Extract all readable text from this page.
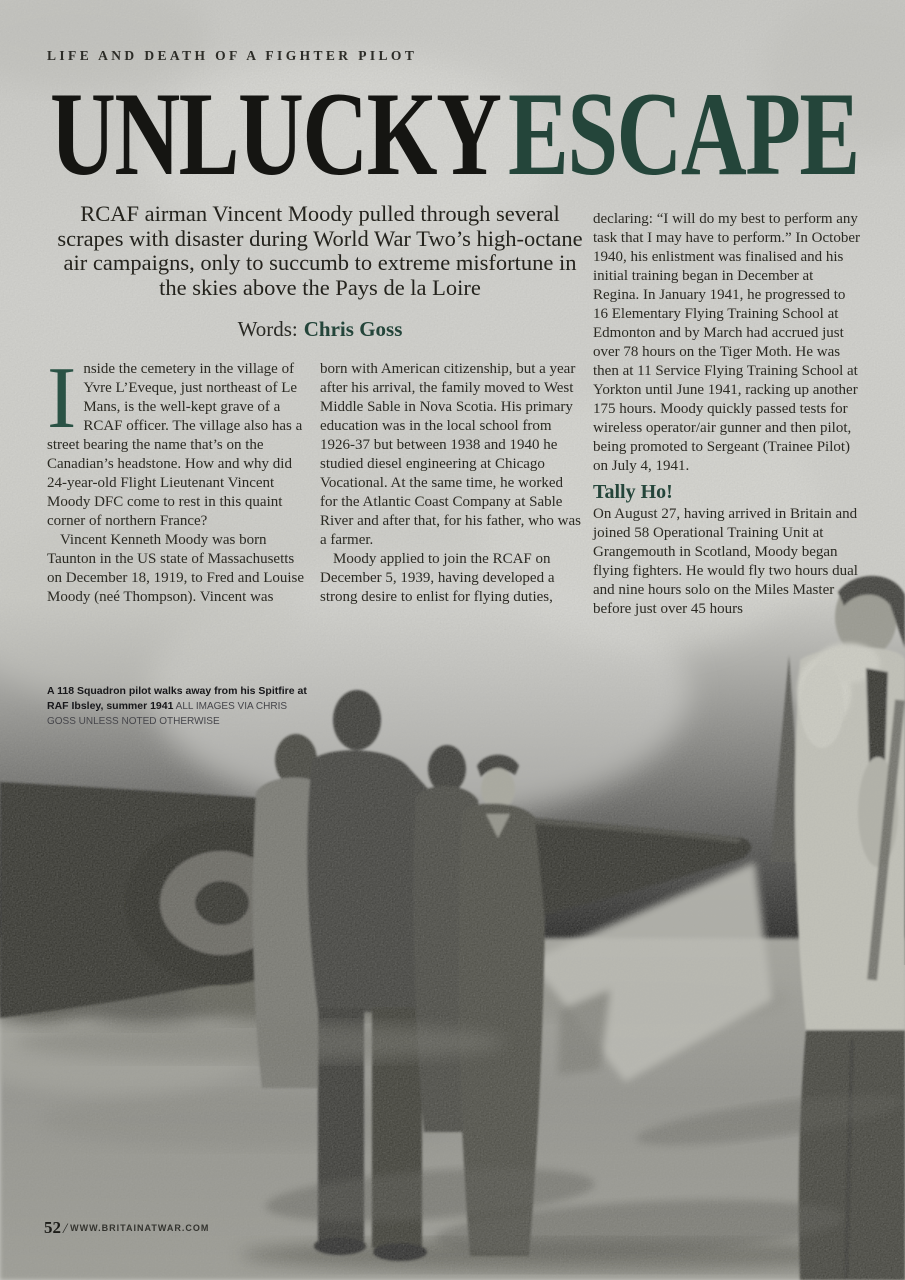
LIFE AND DEATH OF A FIGHTER PILOT
UNLUCKYESCAPE
RCAF airman Vincent Moody pulled through several scrapes with disaster during World War Two’s high-octane air campaigns, only to succumb to extreme misfortune in the skies above the Pays de la Loire
Words: Chris Goss

Inside the cemetery in the village of Yvre L’Eveque, just northeast of Le Mans, is the well-kept grave of a RCAF officer. The village also has a street bearing the name that’s on the Canadian’s headstone. How and why did 24-year-old Flight Lieutenant Vincent Moody DFC come to rest in this quaint corner of northern France?

Vincent Kenneth Moody was born Taunton in the US state of Massachusetts on December 18, 1919, to Fred and Louise Moody (neé Thompson). Vincent was

born with American citizenship, but a year after his arrival, the family moved to West Middle Sable in Nova Scotia. His primary education was in the local school from 1926-37 but between 1938 and 1940 he studied diesel engineering at Chicago Vocational. At the same time, he worked for the Atlantic Coast Company at Sable River and after that, for his father, who was a farmer.

Moody applied to join the RCAF on December 5, 1939, having developed a strong desire to enlist for flying duties,

declaring: “I will do my best to perform any task that I may have to perform.” In October 1940, his enlistment was finalised and his initial training began in December at Regina. In January 1941, he progressed to 16 Elementary Flying Training School at Edmonton and by March had accrued just over 78 hours on the Tiger Moth. He was then at 11 Service Flying Training School at Yorkton until June 1941, racking up another 175 hours. Moody quickly passed tests for wireless operator/air gunner and then pilot, being promoted to Sergeant (Trainee Pilot) on July 4, 1941.

Tally Ho!

On August 27, having arrived in Britain and joined 58 Operational Training Unit at Grangemouth in Scotland, Moody began flying fighters. He would fly two hours dual and nine hours solo on the Miles Master before just over 45 hours

A 118 Squadron pilot walks away from his Spitfire at RAF Ibsley, summer 1941 ALL IMAGES VIA CHRIS GOSS UNLESS NOTED OTHERWISE
52 / WWW.BRITAINATWAR.COM
